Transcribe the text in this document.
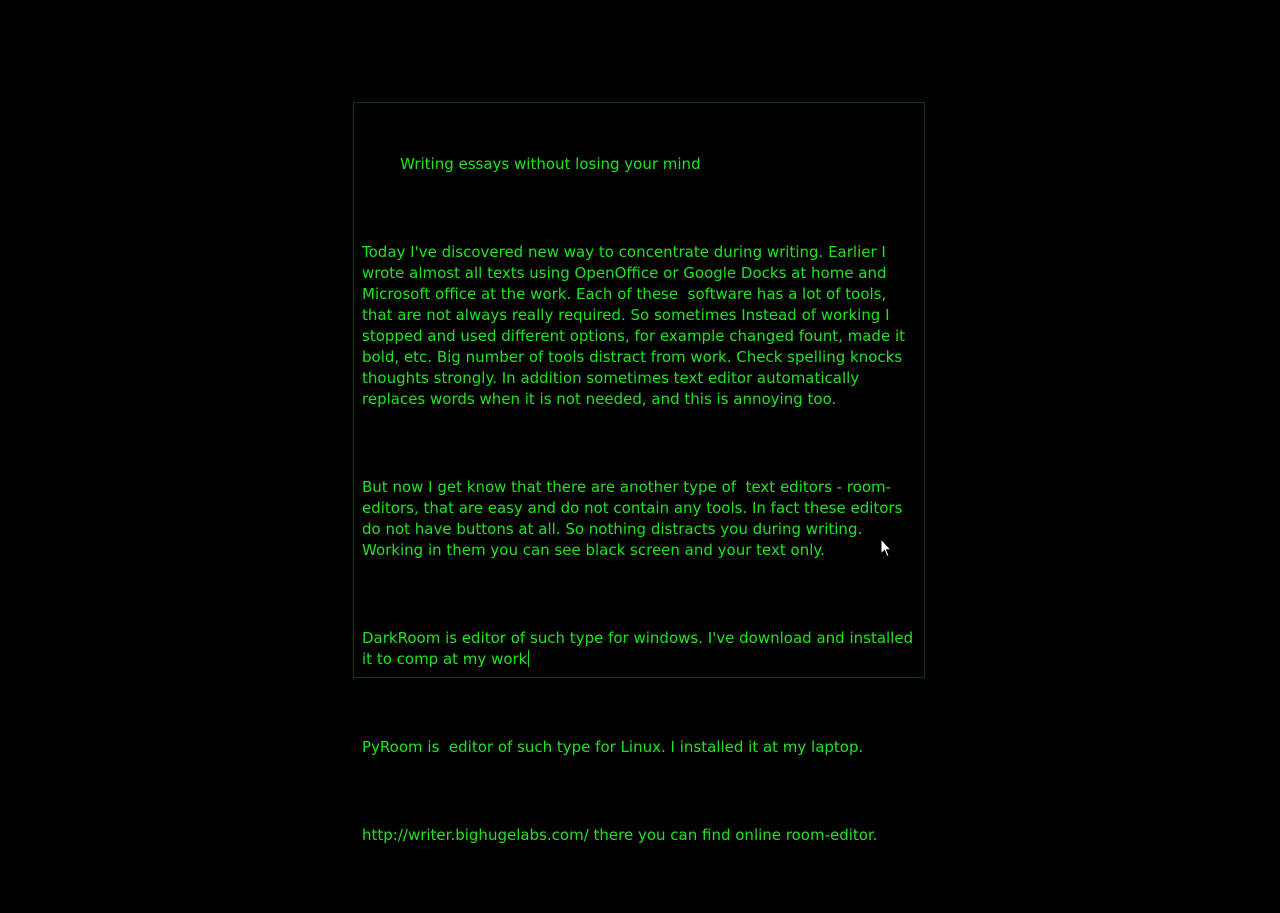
Writing essays without losing your mind

Today I've discovered new way to concentrate during writing. Earlier I wrote almost all texts using OpenOffice or Google Docks at home and Microsoft office at the work. Each of these  software has a lot of tools, that are not always really required. So sometimes Instead of working I stopped and used different options, for example changed fount, made it bold, etc. Big number of tools distract from work. Check spelling knocks thoughts strongly. In addition sometimes text editor automatically replaces words when it is not needed, and this is annoying too.

But now I get know that there are another type of  text editors - room-editors, that are easy and do not contain any tools. In fact these editors do not have buttons at all. So nothing distracts you during writing. Working in them you can see black screen and your text only.

DarkRoom is editor of such type for windows. I've download and installed it to comp at my work

PyRoom is  editor of such type for Linux. I installed it at my laptop.

http://writer.bighugelabs.com/ there you can find online room-editor.
